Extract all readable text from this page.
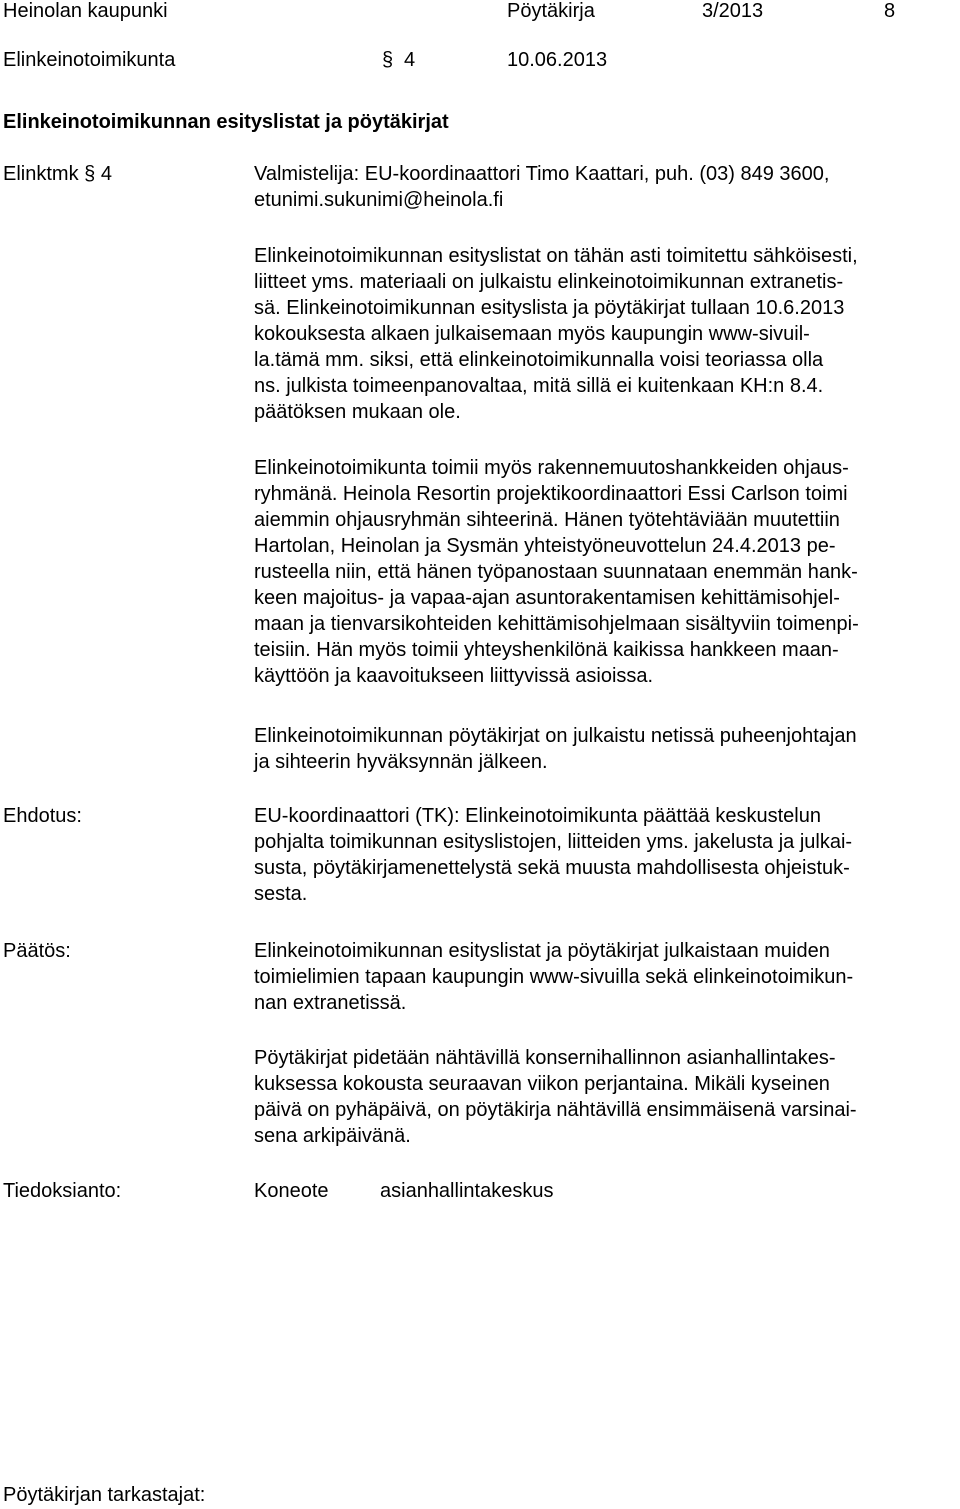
Heinolan kaupunki	Pöytäkirja	3/2013	8
Elinkeinotoimikunta	§ 4	10.06.2013
Elinkeinotoimikunnan esityslistat ja pöytäkirjat
Elinktmk § 4	Valmistelija: EU-koordinaattori Timo Kaattari, puh. (03) 849 3600,
etunimi.sukunimi@heinola.fi
Elinkeinotoimikunnan esityslistat on tähän asti toimitettu sähköisesti,
liitteet yms. materiaali on julkaistu elinkeinotoimikunnan extranetis-
sä. Elinkeinotoimikunnan esityslista ja pöytäkirjat tullaan 10.6.2013
kokouksesta alkaen julkaisemaan myös kaupungin www-sivuil-
la.tämä mm. siksi, että elinkeinotoimikunnalla voisi teoriassa olla
ns. julkista toimeenpanovaltaa, mitä sillä ei kuitenkaan KH:n 8.4.
päätöksen mukaan ole.
Elinkeinotoimikunta toimii myös rakennemuutoshankkeiden ohjaus-
ryhmänä. Heinola Resortin projektikoordinaattori Essi Carlson toimi
aiemmin ohjausryhmän sihteerinä. Hänen työtehtäviään muutettiin
Hartolan, Heinolan ja Sysmän yhteistyöneuvottelun 24.4.2013 pe-
rusteella niin, että hänen työpanostaan suunnataan enemmän hank-
keen majoitus- ja vapaa-ajan asuntorakentamisen kehittämisohjel-
maan ja tienvarsikohteiden kehittämisohjelmaan sisältyviin toimenpi-
teisiin. Hän myös toimii yhteyshenkilönä kaikissa hankkeen maan-
käyttöön ja kaavoitukseen liittyvissä asioissa.
Elinkeinotoimikunnan pöytäkirjat on julkaistu netissä puheenjohtajan
ja sihteerin hyväksynnän jälkeen.
Ehdotus:	EU-koordinaattori (TK): Elinkeinotoimikunta päättää keskustelun
pohjalta toimikunnan esityslistojen, liitteiden yms. jakelusta ja julkai-
susta, pöytäkirjamenettelystä sekä muusta mahdollisesta ohjeistuk-
sesta.
Päätös:	Elinkeinotoimikunnan esityslistat ja pöytäkirjat julkaistaan muiden
toimielimien tapaan kaupungin www-sivuilla sekä elinkeinotoimikun-
nan extranetissä.
Pöytäkirjat pidetään nähtävillä konsernihallinnon asianhallintakes-
kuksessa kokousta seuraavan viikon perjantaina. Mikäli kyseinen
päivä on pyhäpäivä, on pöytäkirja nähtävillä ensimmäisenä varsinai-
sena arkipäivänä.
Tiedoksianto:	Koneote	asianhallintakeskus
Pöytäkirjan tarkastajat:
